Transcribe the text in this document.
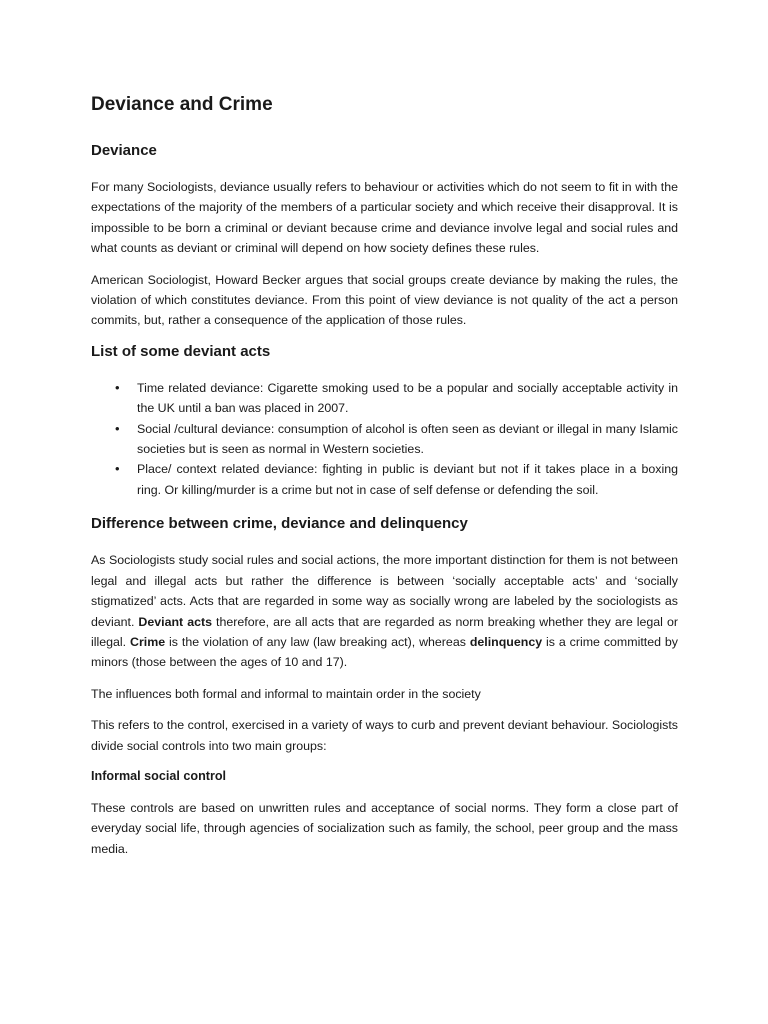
Deviance and Crime
Deviance

For many Sociologists, deviance usually refers to behaviour or activities which do not seem to fit in with the expectations of the majority of the members of a particular society and which receive their disapproval. It is impossible to be born a criminal or deviant because crime and deviance involve legal and social rules and what counts as deviant or criminal will depend on how society defines these rules.

American Sociologist, Howard Becker argues that social groups create deviance by making the rules, the violation of which constitutes deviance. From this point of view deviance is not quality of the act a person commits, but, rather a consequence of the application of those rules.

List of some deviant acts
• Time related deviance: Cigarette smoking used to be a popular and socially acceptable activity in the UK until a ban was placed in 2007.
• Social /cultural deviance: consumption of alcohol is often seen as deviant or illegal in many Islamic societies but is seen as normal in Western societies.
• Place/ context related deviance: fighting in public is deviant but not if it takes place in a boxing ring. Or killing/murder is a crime but not in case of self defense or defending the soil.
Difference between crime, deviance and delinquency

As Sociologists study social rules and social actions, the more important distinction for them is not between legal and illegal acts but rather the difference is between ‘socially acceptable acts’ and ‘socially stigmatized’ acts. Acts that are regarded in some way as socially wrong are labeled by the sociologists as deviant. Deviant acts therefore, are all acts that are regarded as norm breaking whether they are legal or illegal. Crime is the violation of any law (law breaking act), whereas delinquency is a crime committed by minors (those between the ages of 10 and 17).

The influences both formal and informal to maintain order in the society

This refers to the control, exercised in a variety of ways to curb and prevent deviant behaviour. Sociologists divide social controls into two main groups:

Informal social control

These controls are based on unwritten rules and acceptance of social norms. They form a close part of everyday social life, through agencies of socialization such as family, the school, peer group and the mass media.
